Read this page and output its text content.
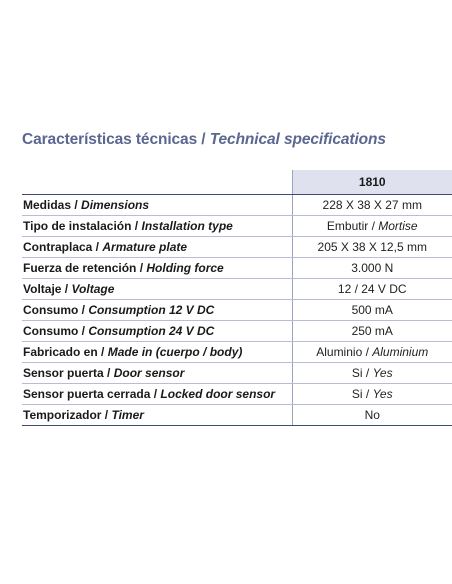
Características técnicas / Technical specifications
	1810
Medidas / Dimensions	228 X 38 X 27 mm
Tipo de instalación / Installation type	Embutir / Mortise
Contraplaca / Armature plate	205 X 38 X 12,5 mm
Fuerza de retención / Holding force	3.000 N
Voltaje / Voltage	12 / 24 V DC
Consumo / Consumption 12 V DC	500 mA
Consumo / Consumption 24 V DC	250 mA
Fabricado en / Made in (cuerpo / body)	Aluminio / Aluminium
Sensor puerta / Door sensor	Si / Yes
Sensor puerta cerrada / Locked door sensor	Si / Yes
Temporizador / Timer	No
